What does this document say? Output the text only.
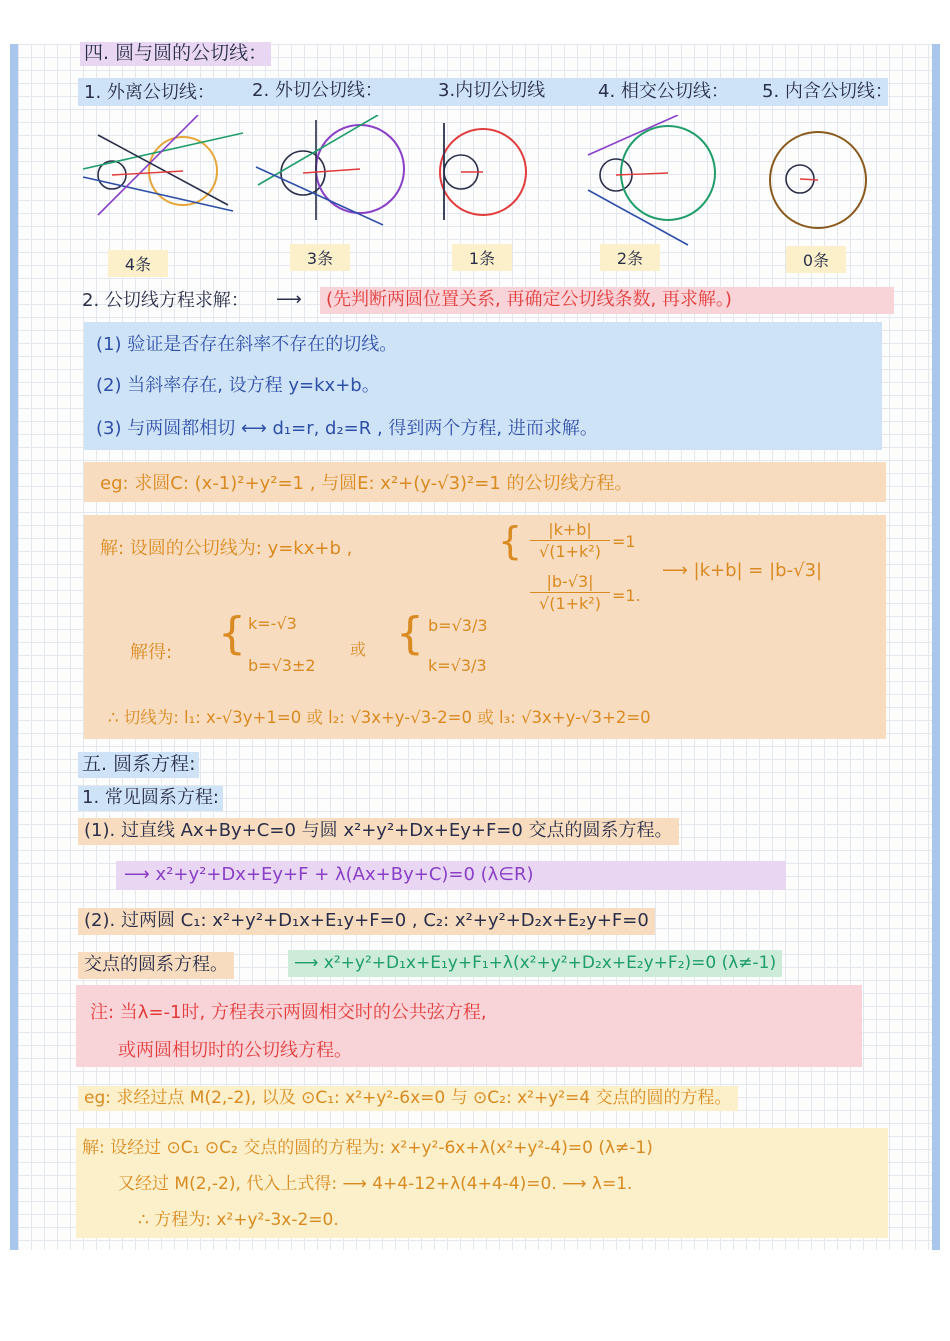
四. 圆与圆的公切线：
1. 外离公切线： 2. 外切公切线：	3.内切公切线	4. 相交公切线： 5. 内含公切线：
4条	3条	1条	2条	0条
2. 公切线方程求解： ⟶	(先判断两圆位置关系, 再确定公切线条数, 再求解。)
(1) 验证是否存在斜率不存在的切线。
(2) 当斜率存在, 设方程 y=kx+b。
(3) 与两圆都相切 ⟷ d₁=r, d₂=R , 得到两个方程, 进而求解。
eg: 求圆C: (x-1)²+y²=1 , 与圆E: x²+(y-√3)²=1 的公切线方程。
解: 设圆的公切线为: y=kx+b ,	{	|k+b|
√(1+k²)
=1
|b-√3|
√(1+k²) =1.
⟶ |k+b| = |b-√3|
解得: { k=-√3
b=√3±2
或 { b=√3/3
k=√3/3
∴ 切线为: l₁: x-√3y+1=0 或 l₂: √3x+y-√3-2=0 或 l₃: √3x+y-√3+2=0
五. 圆系方程:
1. 常见圆系方程:
(1). 过直线 Ax+By+C=0 与圆 x²+y²+Dx+Ey+F=0 交点的圆系方程。
⟶ x²+y²+Dx+Ey+F + λ(Ax+By+C)=0 (λ∈R)
(2). 过两圆 C₁: x²+y²+D₁x+E₁y+F=0 , C₂: x²+y²+D₂x+E₂y+F=0
交点的圆系方程。	⟶ x²+y²+D₁x+E₁y+F₁+λ(x²+y²+D₂x+E₂y+F₂)=0 (λ≠-1)
注: 当λ=-1时, 方程表示两圆相交时的公共弦方程,
或两圆相切时的公切线方程。
eg: 求经过点 M(2,-2), 以及 ⊙C₁: x²+y²-6x=0 与 ⊙C₂: x²+y²=4 交点的圆的方程。
解: 设经过 ⊙C₁ ⊙C₂ 交点的圆的方程为: x²+y²-6x+λ(x²+y²-4)=0 (λ≠-1)
又经过 M(2,-2), 代入上式得: ⟶ 4+4-12+λ(4+4-4)=0. ⟶ λ=1.
∴ 方程为: x²+y²-3x-2=0.
